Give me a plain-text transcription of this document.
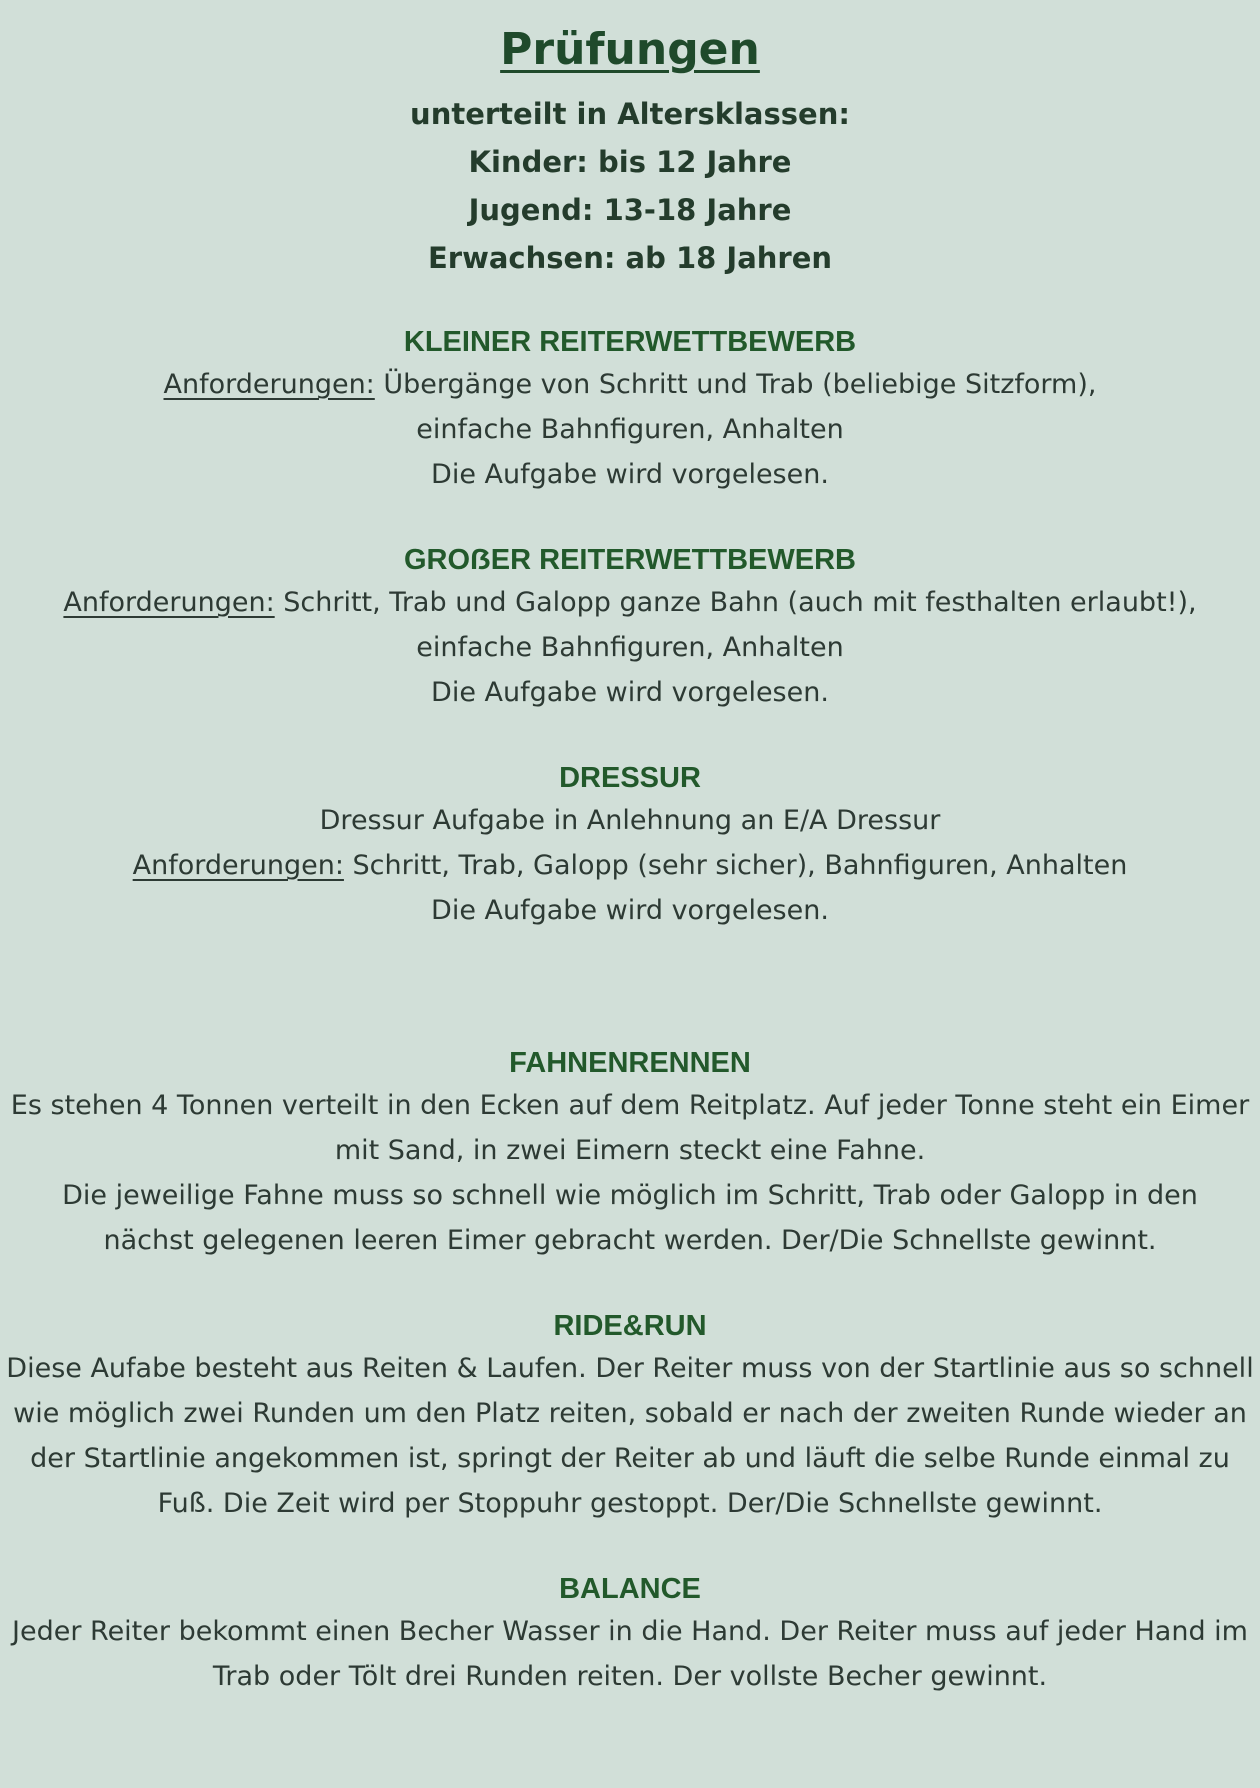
Prüfungen
unterteilt in Altersklassen:
Kinder: bis 12 Jahre
Jugend: 13-18 Jahre
Erwachsen: ab 18 Jahren
KLEINER REITERWETTBEWERB
Anforderungen: Übergänge von Schritt und Trab (beliebige Sitzform),
einfache Bahnfiguren, Anhalten
Die Aufgabe wird vorgelesen.
GROẞER REITERWETTBEWERB
Anforderungen: Schritt, Trab und Galopp ganze Bahn (auch mit festhalten erlaubt!),
einfache Bahnfiguren, Anhalten
Die Aufgabe wird vorgelesen.
DRESSUR
Dressur Aufgabe in Anlehnung an E/A Dressur
Anforderungen: Schritt, Trab, Galopp (sehr sicher), Bahnfiguren, Anhalten
Die Aufgabe wird vorgelesen.
FAHNENRENNEN
Es stehen 4 Tonnen verteilt in den Ecken auf dem Reitplatz. Auf jeder Tonne steht ein Eimer
mit Sand, in zwei Eimern steckt eine Fahne.
Die jeweilige Fahne muss so schnell wie möglich im Schritt, Trab oder Galopp in den
nächst gelegenen leeren Eimer gebracht werden. Der/Die Schnellste gewinnt.
RIDE&RUN
Diese Aufabe besteht aus Reiten & Laufen. Der Reiter muss von der Startlinie aus so schnell
wie möglich zwei Runden um den Platz reiten, sobald er nach der zweiten Runde wieder an
der Startlinie angekommen ist, springt der Reiter ab und läuft die selbe Runde einmal zu
Fuß. Die Zeit wird per Stoppuhr gestoppt. Der/Die Schnellste gewinnt.
BALANCE
Jeder Reiter bekommt einen Becher Wasser in die Hand. Der Reiter muss auf jeder Hand im
Trab oder Tölt drei Runden reiten. Der vollste Becher gewinnt.
